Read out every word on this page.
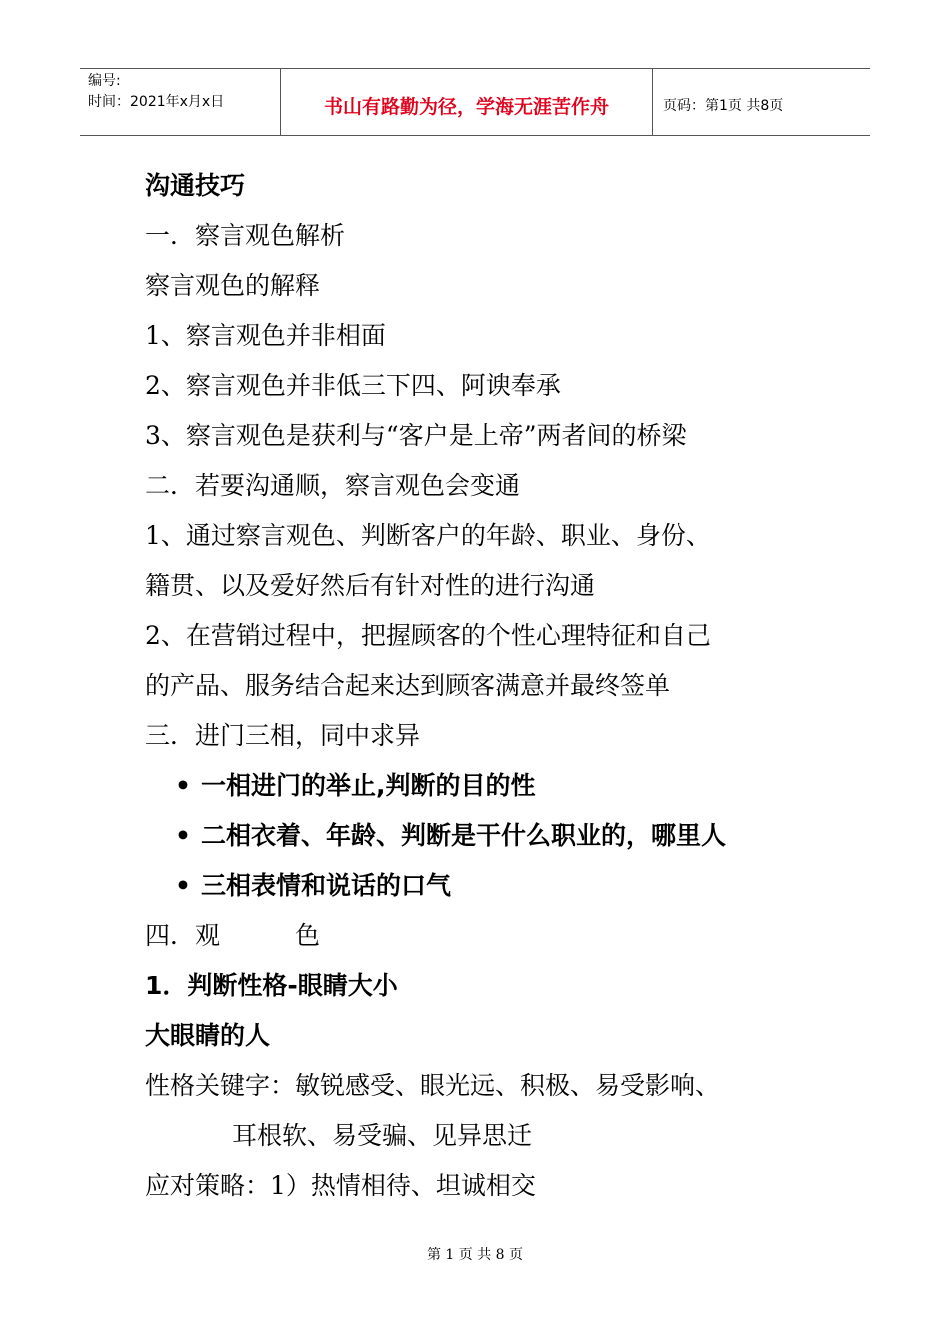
编号:
时间：2021年x月x日	书山有路勤为径，学海无涯苦作舟	页码：第1页 共8页
沟通技巧
一．察言观色解析
察言观色的解释
1、察言观色并非相面
2、察言观色并非低三下四、阿谀奉承
3、察言观色是获利与“客户是上帝”两者间的桥梁
二．若要沟通顺，察言观色会变通
1、通过察言观色、判断客户的年龄、职业、身份、
籍贯、以及爱好然后有针对性的进行沟通
2、在营销过程中，把握顾客的个性心理特征和自己
的产品、服务结合起来达到顾客满意并最终签单
三．进门三相，同中求异
• 一相进门的举止,判断的目的性
• 二相衣着、年龄、判断是干什么职业的，哪里人
• 三相表情和说话的口气
四．观　　　色
1．判断性格-眼睛大小
大眼睛的人
性格关键字：敏锐感受、眼光远、积极、易受影响、
耳根软、易受骗、见异思迁
应对策略：1）热情相待、坦诚相交
第 1 页 共 8 页
